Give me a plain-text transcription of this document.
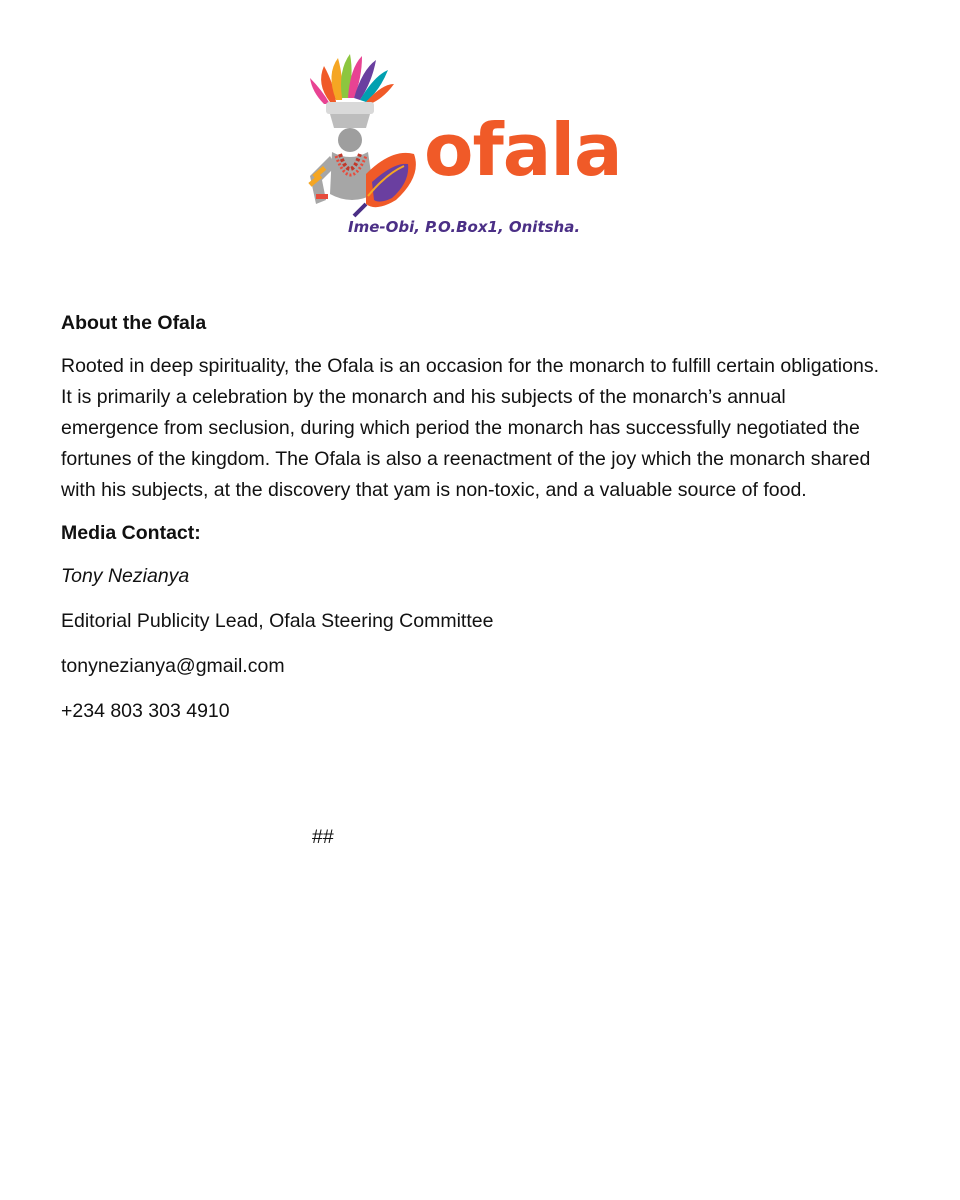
ofala
Ime-Obi, P.O.Box1, Onitsha.
About the Ofala
Rooted in deep spirituality, the Ofala is an occasion for the monarch to fulfill certain obligations. It is primarily a celebration by the monarch and his subjects of the monarch’s annual emergence from seclusion, during which period the monarch has successfully negotiated the fortunes of the kingdom. The Ofala is also a reenactment of the joy which the monarch shared with his subjects, at the discovery that yam is non-toxic, and a valuable source of food.
Media Contact:
Tony Nezianya
Editorial Publicity Lead, Ofala Steering Committee
tonynezianya@gmail.com
+234 803 303 4910
##
